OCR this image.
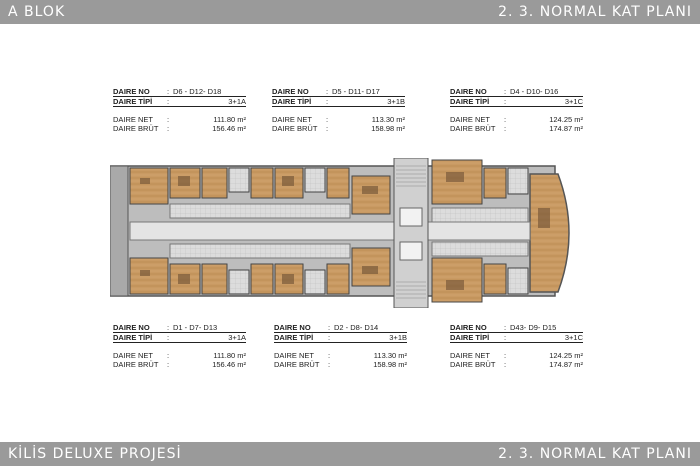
A BLOK	2. 3. NORMAL KAT PLANI
DAIRE NO	: D6 - D12- D18
DAIRE TİPİ	:	3+1A
DAIRE NET	:	111.80 m²
DAIRE BRÜT	:	156.46 m²
DAIRE NO	: D5 - D11- D17
DAIRE TİPİ	:	3+1B
DAIRE NET	:	113.30 m²
DAIRE BRÜT	:	158.98 m²
DAIRE NO	: D4 - D10- D16
DAIRE TİPİ	:	3+1C
DAIRE NET	:	124.25 m²
DAIRE BRÜT	:	174.87 m²
DAIRE NO	: D1 - D7- D13
DAIRE TİPİ	:	3+1A
DAIRE NET	:	111.80 m²
DAIRE BRÜT	:	156.46 m²
DAIRE NO	: D2 - D8- D14
DAIRE TİPİ	:	3+1B
DAIRE NET	:	113.30 m²
DAIRE BRÜT	:	158.98 m²
DAIRE NO	: D43- D9- D15
DAIRE TİPİ	:	3+1C
DAIRE NET	:	124.25 m²
DAIRE BRÜT	:	174.87 m²
KİLİS DELUXE PROJESİ	2. 3. NORMAL KAT PLANI
